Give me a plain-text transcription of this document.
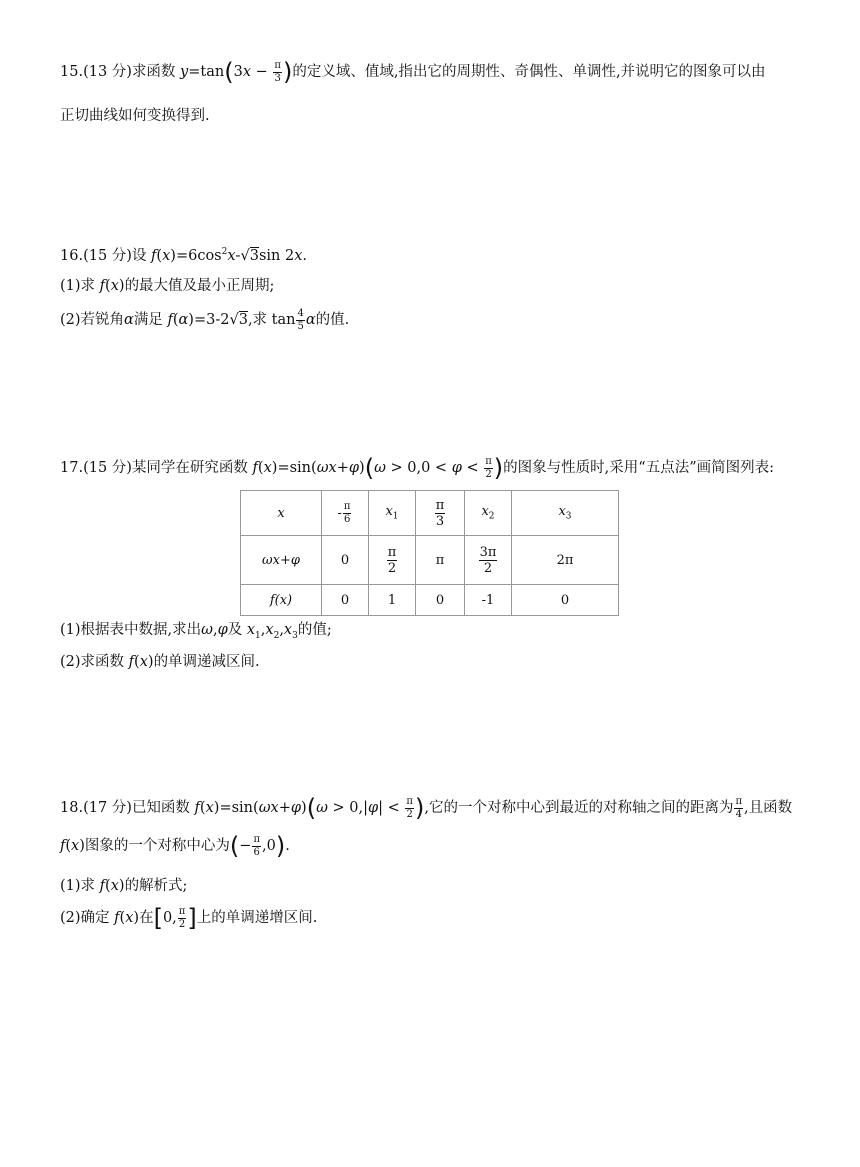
15.(13 分)求函数 $y=\tan(3x - \frac{\pi}{3}$ )的定义域、值域,指出它的周期性、奇偶性、单调性,并说明它的图象可以由
正切曲线如何变换得到.
16.(15 分)设 $f(x)=6\cos^2x-√3\sin$ 2x.
(1)求 f(x)的最大值及最小正周期;
(2)若锐角α满足 f(α)=3-2√3,求 $\tan \frac{4}{5}$ α的值.
17.(15 分)某同学在研究函数 $f(x)=\sin(\omega x+\varphi)(\omega > 0,0 < \varphi < \frac{\pi}{2}$ )的图象与性质时,采用“五点法”画简图列表:
x	- $\frac{\pi}{6}$	$x_1$	$\frac{\pi}{3}$	$x_2$	$x_3$
ωx+φ	0	$\frac{\pi}{2}$	π	$\frac{3\pi}{2}$	2π
f(x)	0	1	0	-1	0
(1)根据表中数据,求出ω,φ及 $x_1,x_2,x_3$的值;
(2)求函数 f(x)的单调递减区间.
18.(17 分)已知函数 $f(x)=\sin(\omega x+\varphi)(\omega > 0,|\varphi| < \frac{\pi}{2}$ ),它的一个对称中心到最近的对称轴之间的距离为 $\frac{\pi}{4}$ ,且函数
f(x)图象的一个对称中心为(− $\frac{\pi}{6} ,0$).
(1)求 f(x)的解析式;
(2)确定 f(x)在[0, $\frac{\pi}{2}$ ]上的单调递增区间.
